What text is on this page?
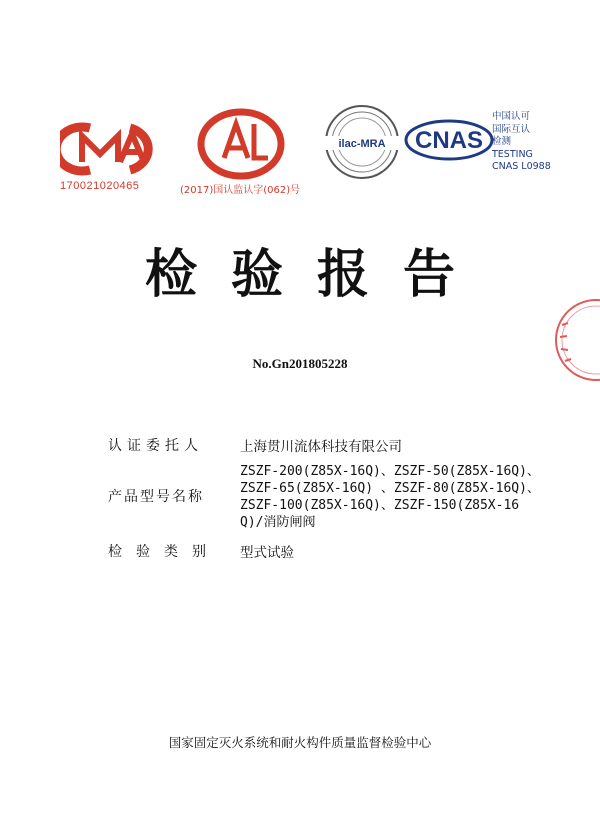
170021020465	(2017)国认监认字(062)号
ilac-MRA CNAS
中国认可
国际互认
检测
TESTING
CNAS L0988
检验报告
No.Gn201805228
认证委托人	上海贯川流体科技有限公司
产品型号名称
ZSZF-200(Z85X-16Q)、ZSZF-50(Z85X-16Q)、ZSZF-65(Z85X-16Q) 、ZSZF-80(Z85X-16Q)、 ZSZF-100(Z85X-16Q)、ZSZF-150(Z85X-16Q)/消防闸阀
检验类别 型式试验
国家固定灭火系统和耐火构件质量监督检验中心
